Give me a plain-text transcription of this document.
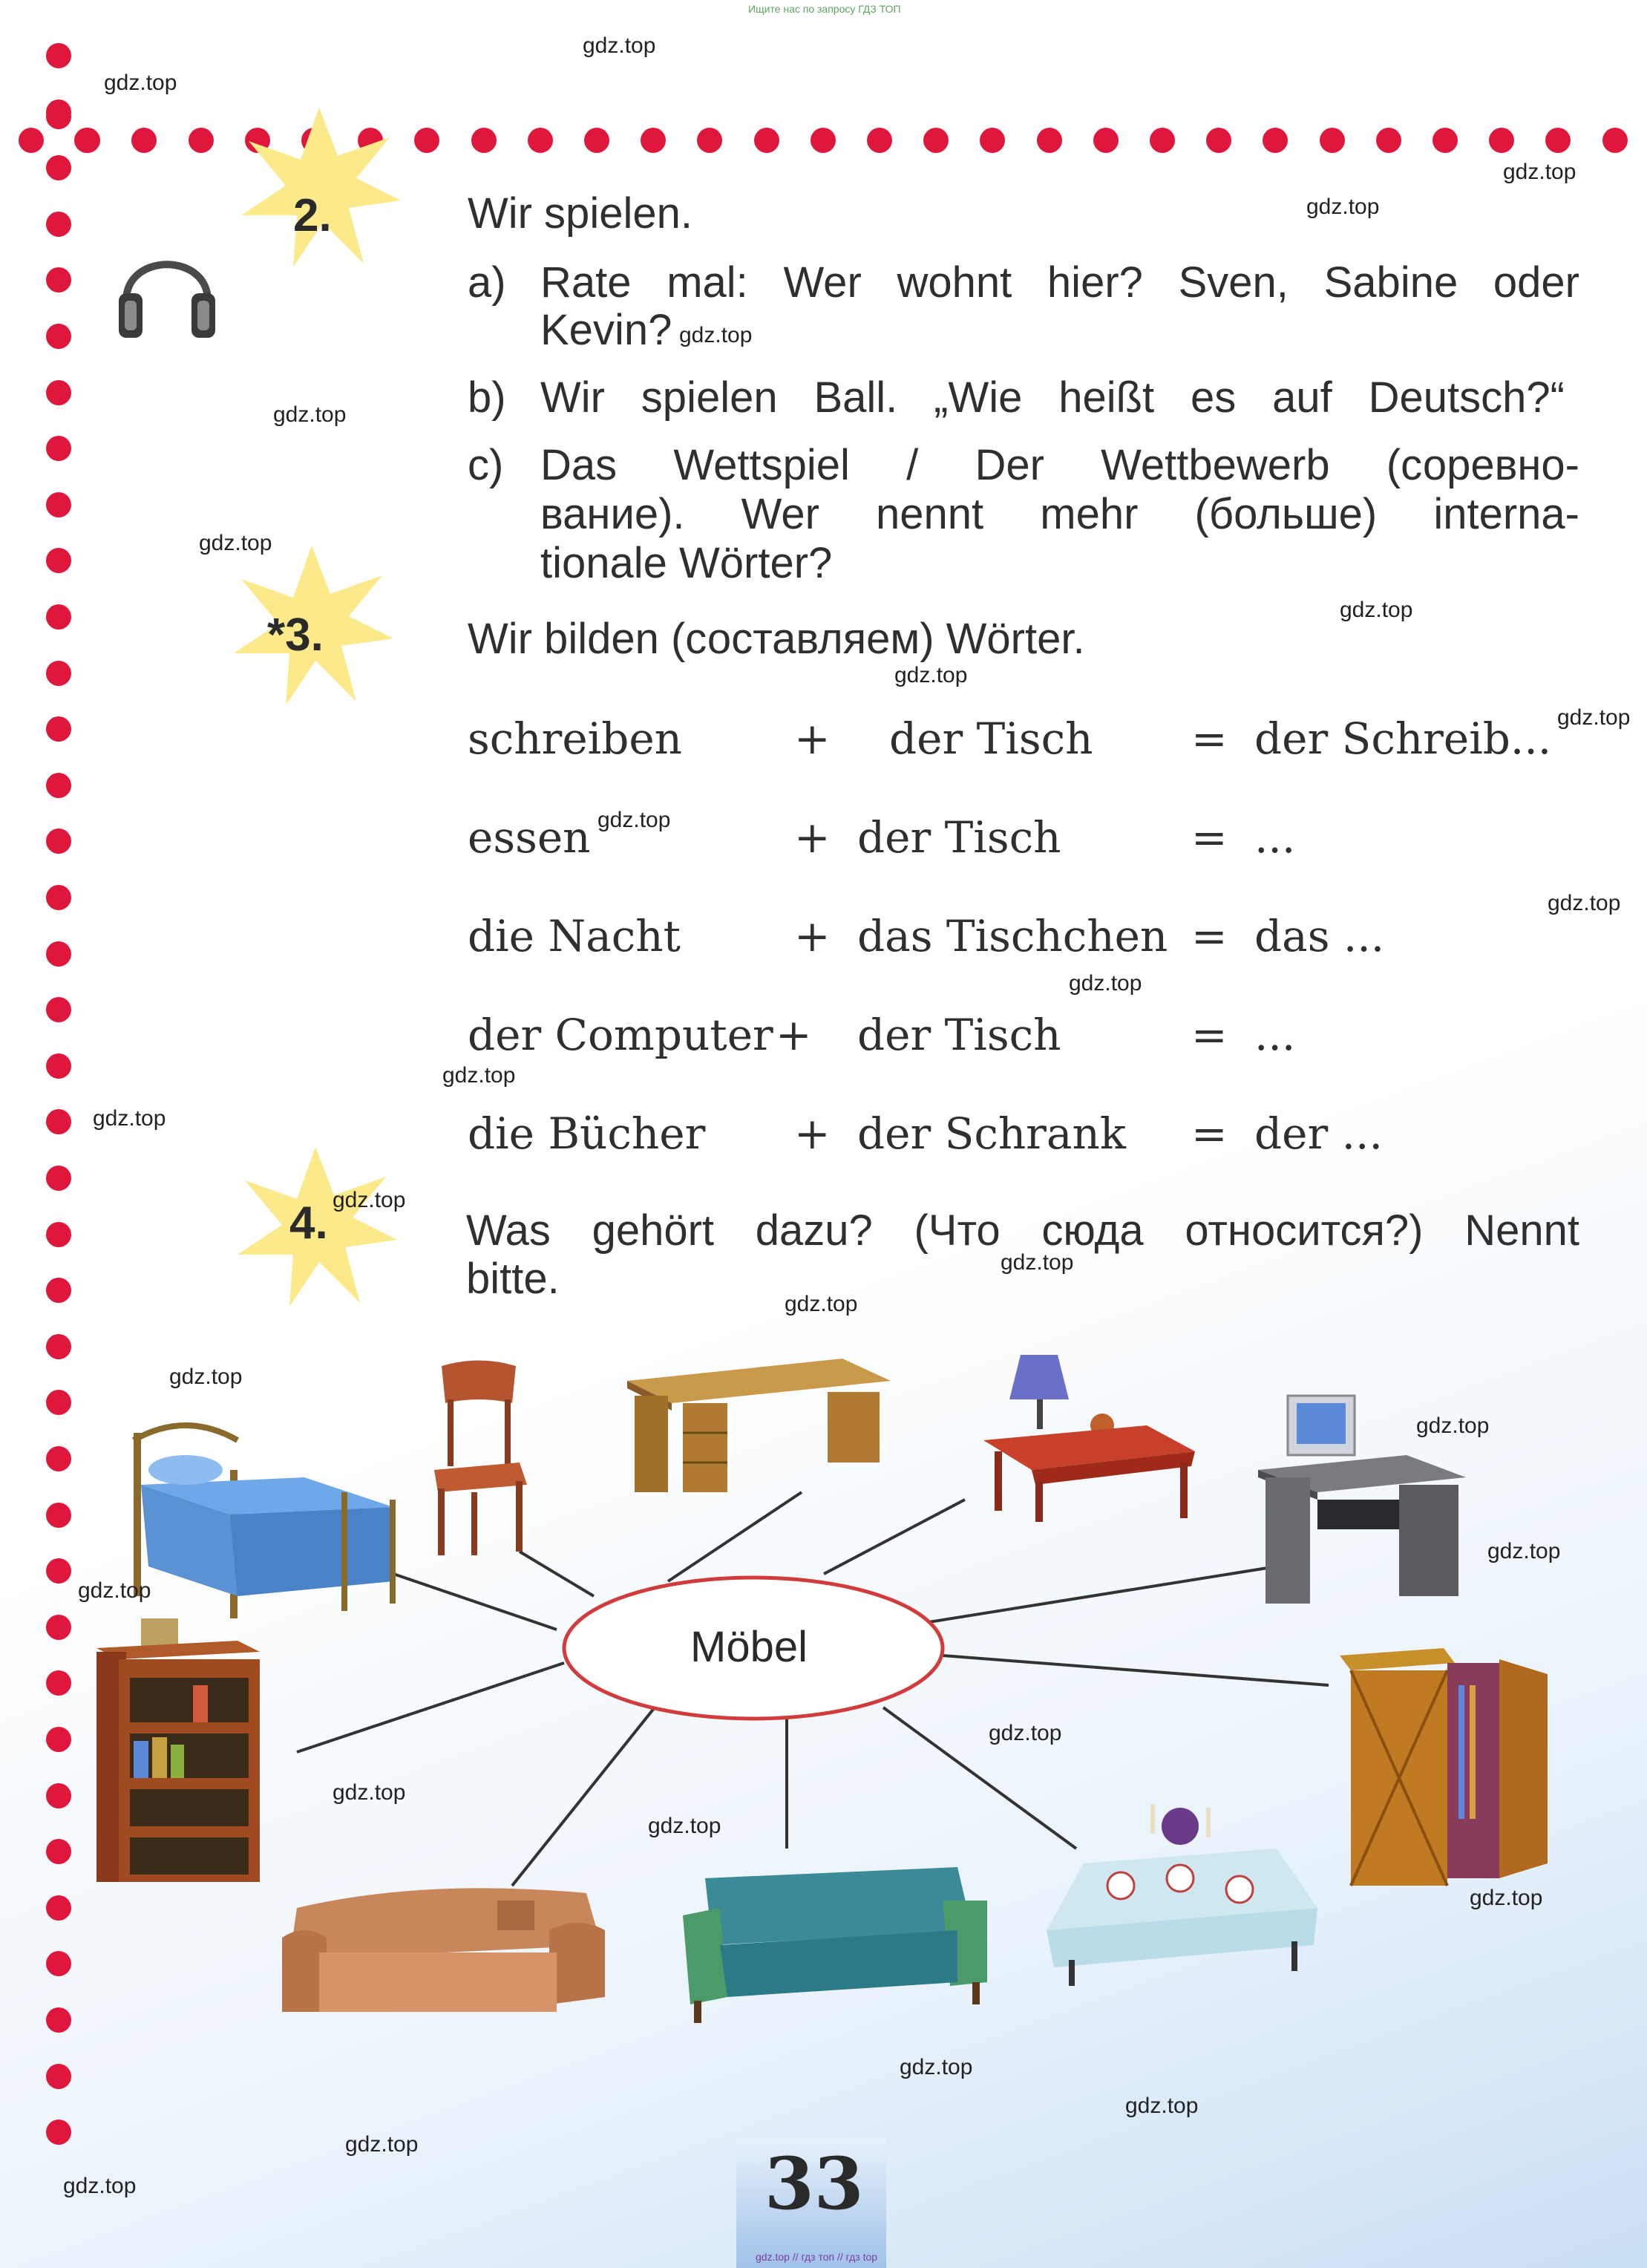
Ищите нас по запросу ГДЗ ТОП
2.	Wir spielen.
a) Rate mal: Wer wohnt hier? Sven, Sabine oder
Kevin?
b) Wir spielen Ball. „Wie heißt es auf Deutsch?“
c) Das Wettspiel / Der Wettbewerb (соревно-
вание). Wer nennt mehr (больше) interna-
tionale Wörter?
*3.	Wir bilden (составляем) Wörter.
schreiben	+ der Tisch = der Schreib...
essen	+ der Tisch	= ...
die Nacht	+ das Tischchen = das ...
der Computer + der Tisch	= ...
die Bücher + der Schrank = der ...
4.	Was gehört dazu? (Что сюда относится?) Nennt
bitte.
Möbel
gdz.top
gdz.top
gdz.top
gdz.top
gdz.top
gdz.top
gdz.top
gdz.top
gdz.top
gdz.top
gdz.top
gdz.top
gdz.top
gdz.top
gdz.top
gdz.top
gdz.top
gdz.top
gdz.top
gdz.top
gdz.top
gdz.top
gdz.top
gdz.top
gdz.top
gdz.top
gdz.top
gdz.top
gdz.top
gdz.top	33
gdz.top // гдз топ // гдз top
